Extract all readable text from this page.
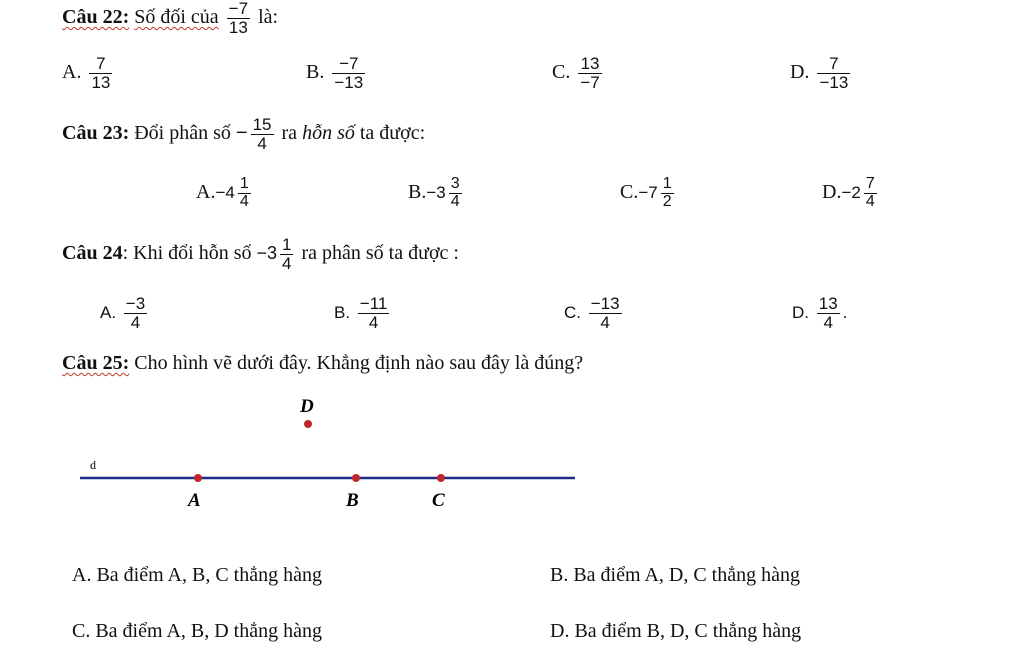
Câu 22: Số đối của $\frac{-7}{13}$ là:
A. $\frac{7}{13}$	B. $\frac{-7}{-13}$	C. $\frac{13}{-7}$	D. $\frac{7}{-13}$
Câu 23: Đổi phân số − $\frac{15}{4}$ ra hỗn số ta được:
$A.-4 \frac{1}{4}$	$B.-3 \frac{3}{4}$	$C.-7 \frac{1}{2}$	$D.-2 \frac{7}{4}$
Câu 24: Khi đổi hỗn số $-3 \frac{1}{4}$ ra phân số ta được :
A. $\frac{-3}{4}$	B. $\frac{-11}{4}$	C. $\frac{-13}{4}$	D. $\frac{13}{4}$ .
Câu 25: Cho hình vẽ dưới đây. Khẳng định nào sau đây là đúng?
D
d
A	B	C
A. Ba điểm A, B, C thẳng hàng	B. Ba điểm A, D, C thẳng hàng
C. Ba điểm A, B, D thẳng hàng	D. Ba điểm B, D, C thẳng hàng
